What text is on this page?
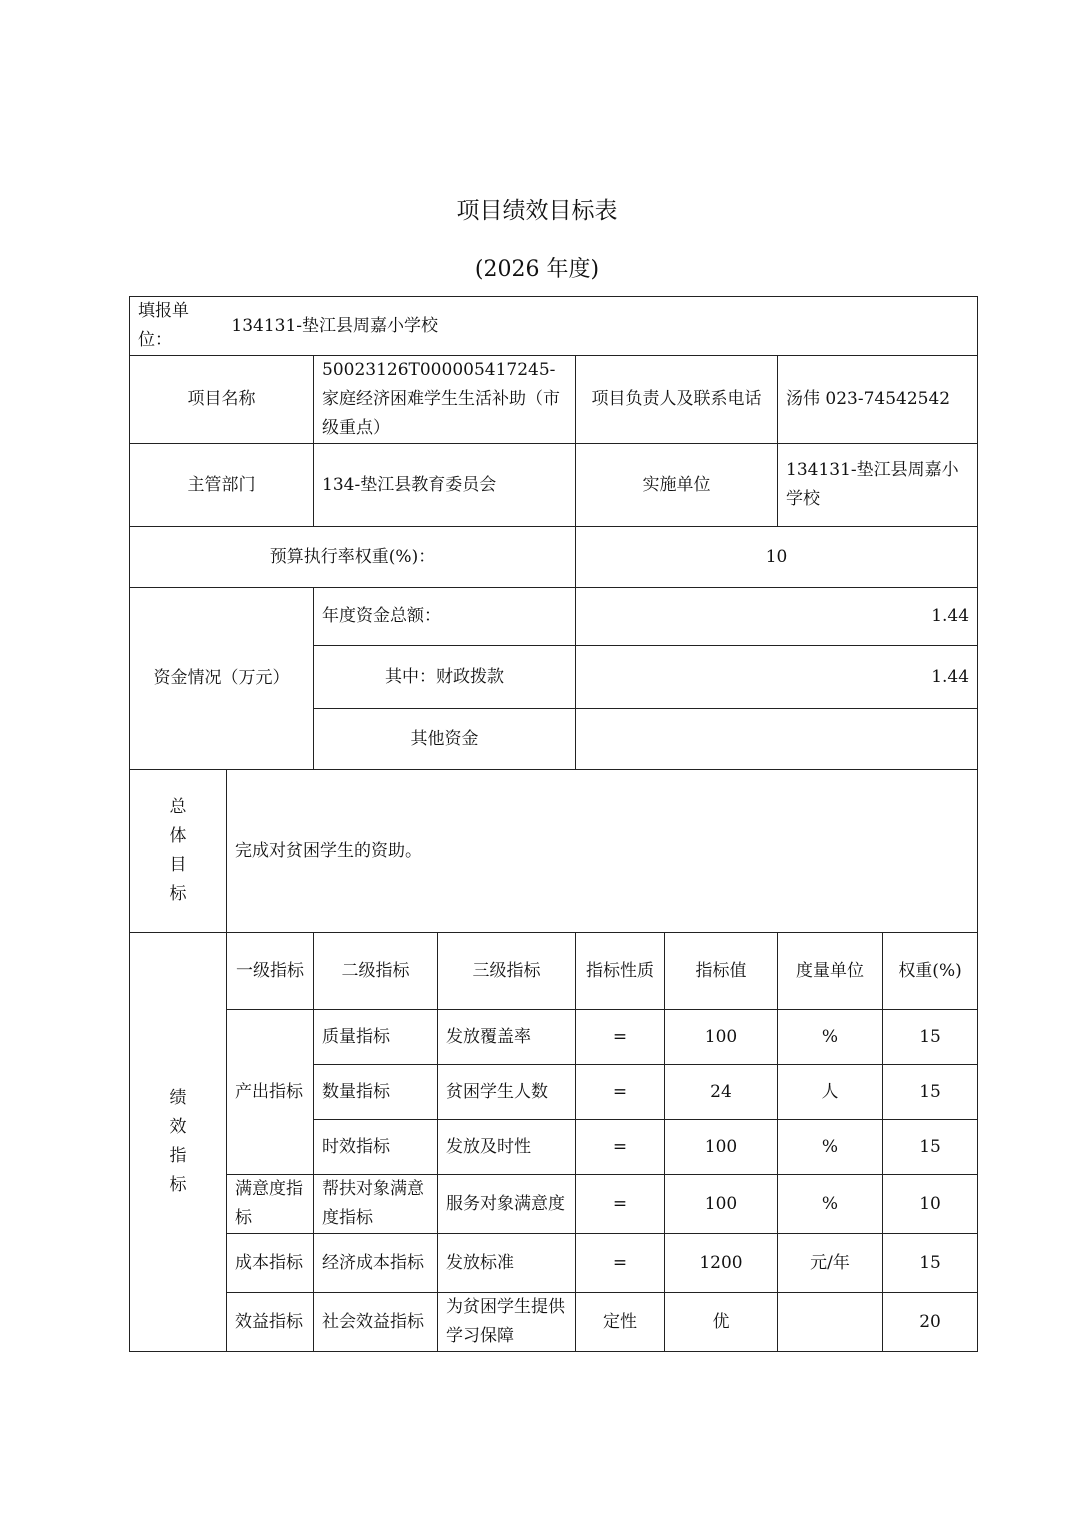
项目绩效目标表
(2026 年度)
填报单位： 134131-垫江县周嘉小学校							
项目名称		50023126T000005417245-家庭经济困难学生生活补助（市级重点）		项目负责人及联系电话		汤伟 023-74542542	
主管部门		134-垫江县教育委员会		实施单位		134131-垫江县周嘉小学校	
预算执行率权重(%)：				10			

资金情况（万元）		年度资金总额：		1.44			
		其中：财政拨款		1.44			
		其他资金					

总体目标	完成对贫困学生的资助。						

绩效指标	一级指标	二级指标	三级指标	指标性质	指标值	度量单位	权重(%)
	产出指标	质量指标	发放覆盖率	=	100	%	15
		数量指标	贫困学生人数	=	24	人	15
		时效指标	发放及时性	=	100	%	15
	满意度指标	帮扶对象满意度指标	服务对象满意度	=	100	%	10
	成本指标	经济成本指标	发放标准	=	1200	元/年	15
	效益指标	社会效益指标	为贫困学生提供学习保障	定性	优		20
